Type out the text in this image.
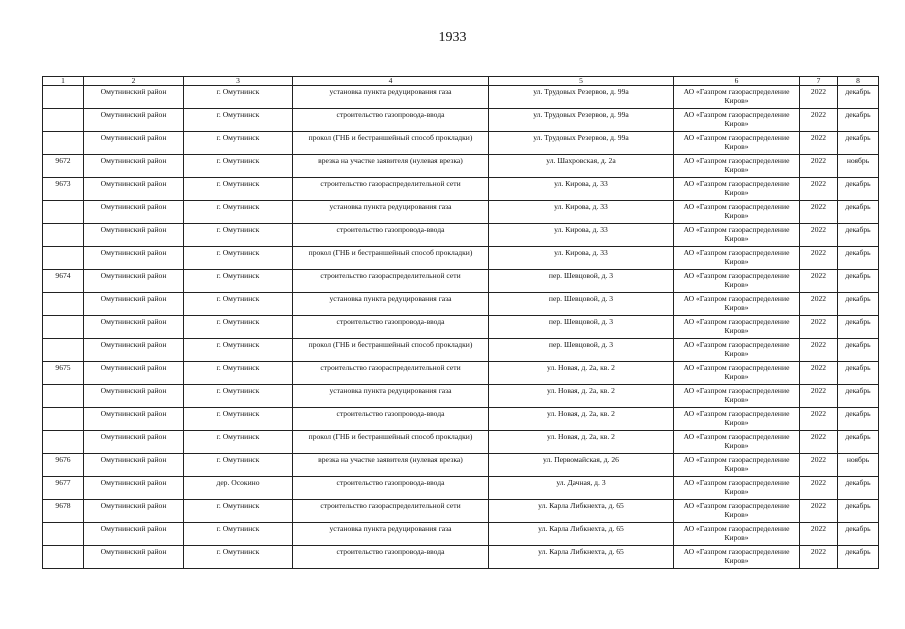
1933
1	2	3	4	5	6	7	8
	Омутнинский район	г. Омутнинск	установка пункта редуцирования газа	ул. Трудовых Резервов, д. 99а	АО «Газпром газораспределение Киров»	2022	декабрь
	Омутнинский район	г. Омутнинск	строительство газопровода-ввода	ул. Трудовых Резервов, д. 99а	АО «Газпром газораспределение Киров»	2022	декабрь
	Омутнинский район	г. Омутнинск	прокол (ГНБ и бестраншейный способ прокладки)	ул. Трудовых Резервов, д. 99а	АО «Газпром газораспределение Киров»	2022	декабрь
9672	Омутнинский район	г. Омутнинск	врезка на участке заявителя (нулевая врезка)	ул. Шахровская, д. 2а	АО «Газпром газораспределение Киров»	2022	ноябрь
9673	Омутнинский район	г. Омутнинск	строительство газораспределительной сети	ул. Кирова, д. 33	АО «Газпром газораспределение Киров»	2022	декабрь
	Омутнинский район	г. Омутнинск	установка пункта редуцирования газа	ул. Кирова, д. 33	АО «Газпром газораспределение Киров»	2022	декабрь
	Омутнинский район	г. Омутнинск	строительство газопровода-ввода	ул. Кирова, д. 33	АО «Газпром газораспределение Киров»	2022	декабрь
	Омутнинский район	г. Омутнинск	прокол (ГНБ и бестраншейный способ прокладки)	ул. Кирова, д. 33	АО «Газпром газораспределение Киров»	2022	декабрь
9674	Омутнинский район	г. Омутнинск	строительство газораспределительной сети	пер. Шевцовой, д. 3	АО «Газпром газораспределение Киров»	2022	декабрь
	Омутнинский район	г. Омутнинск	установка пункта редуцирования газа	пер. Шевцовой, д. 3	АО «Газпром газораспределение Киров»	2022	декабрь
	Омутнинский район	г. Омутнинск	строительство газопровода-ввода	пер. Шевцовой, д. 3	АО «Газпром газораспределение Киров»	2022	декабрь
	Омутнинский район	г. Омутнинск	прокол (ГНБ и бестраншейный способ прокладки)	пер. Шевцовой, д. 3	АО «Газпром газораспределение Киров»	2022	декабрь
9675	Омутнинский район	г. Омутнинск	строительство газораспределительной сети	ул. Новая, д. 2а, кв. 2	АО «Газпром газораспределение Киров»	2022	декабрь
	Омутнинский район	г. Омутнинск	установка пункта редуцирования газа	ул. Новая, д. 2а, кв. 2	АО «Газпром газораспределение Киров»	2022	декабрь
	Омутнинский район	г. Омутнинск	строительство газопровода-ввода	ул. Новая, д. 2а, кв. 2	АО «Газпром газораспределение Киров»	2022	декабрь
	Омутнинский район	г. Омутнинск	прокол (ГНБ и бестраншейный способ прокладки)	ул. Новая, д. 2а, кв. 2	АО «Газпром газораспределение Киров»	2022	декабрь
9676	Омутнинский район	г. Омутнинск	врезка на участке заявителя (нулевая врезка)	ул. Первомайская, д. 26	АО «Газпром газораспределение Киров»	2022	ноябрь
9677	Омутнинский район	дер. Осокино	строительство газопровода-ввода	ул. Дачная, д. 3	АО «Газпром газораспределение Киров»	2022	декабрь
9678	Омутнинский район	г. Омутнинск	строительство газораспределительной сети	ул. Карла Либкнехта, д. 65	АО «Газпром газораспределение Киров»	2022	декабрь
	Омутнинский район	г. Омутнинск	установка пункта редуцирования газа	ул. Карла Либкнехта, д. 65	АО «Газпром газораспределение Киров»	2022	декабрь
	Омутнинский район	г. Омутнинск	строительство газопровода-ввода	ул. Карла Либкнехта, д. 65	АО «Газпром газораспределение Киров»	2022	декабрь
